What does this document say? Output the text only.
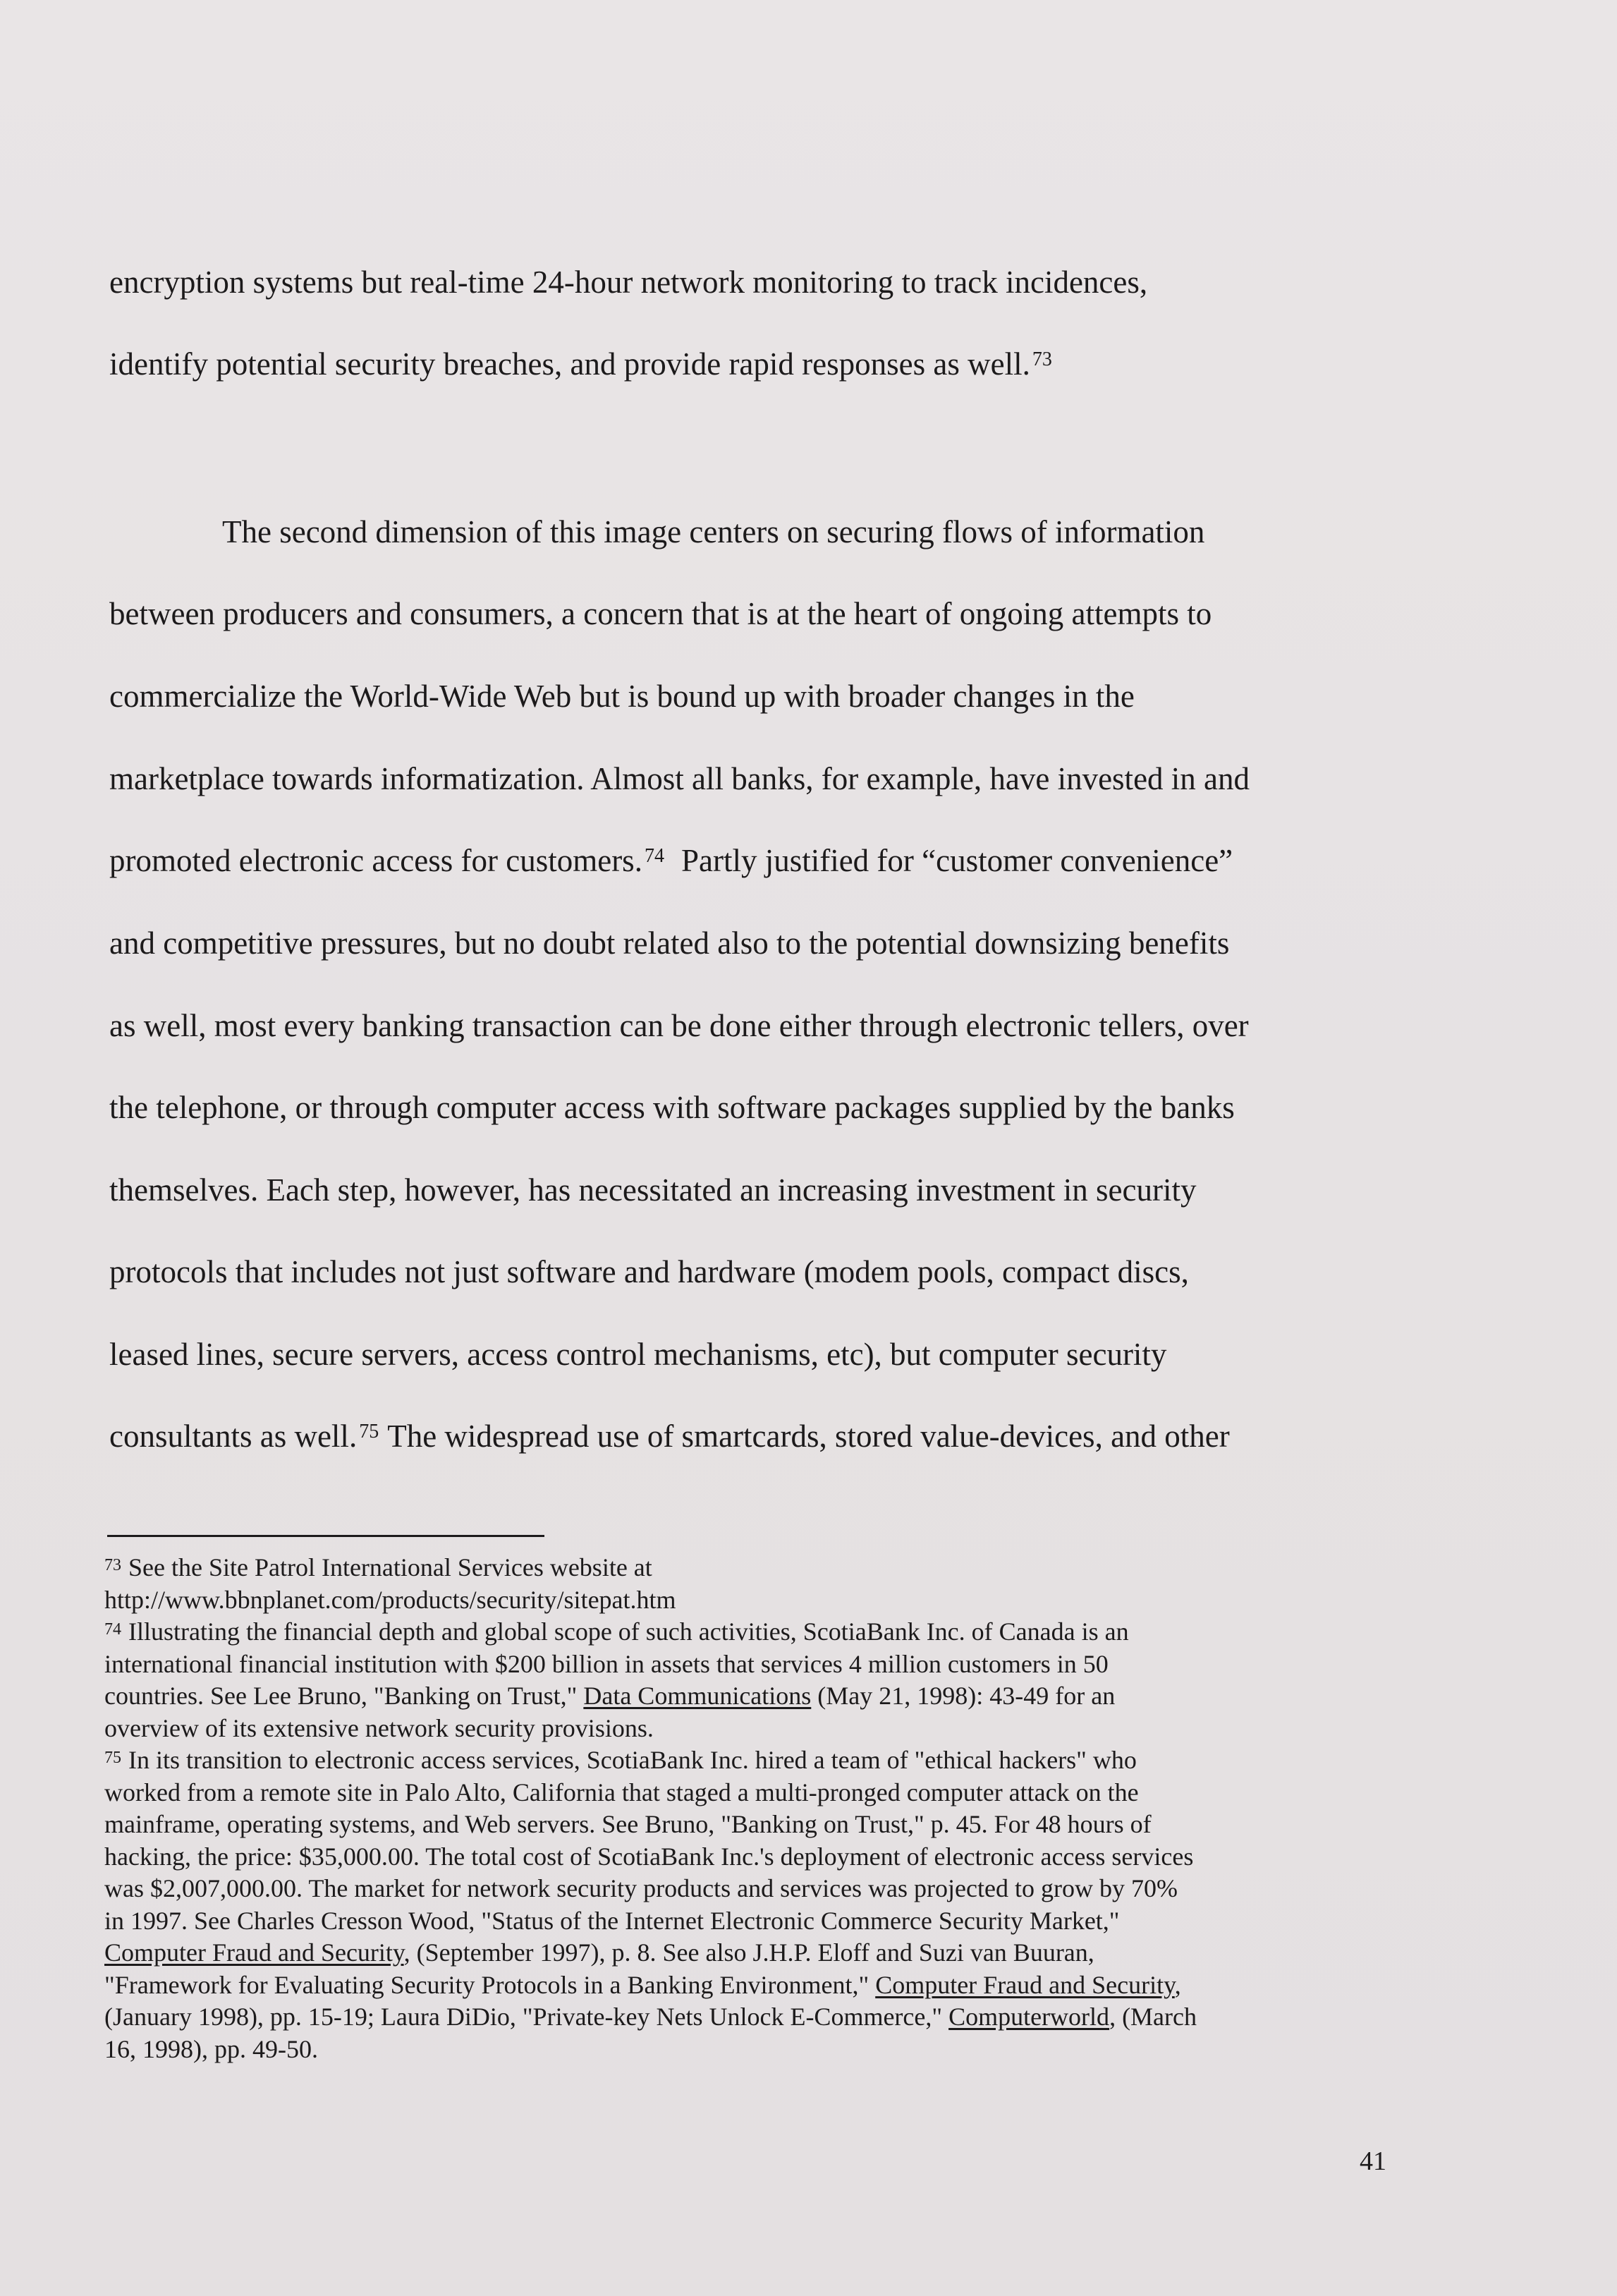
encryption systems but real-time 24-hour network monitoring to track incidences,
identify potential security breaches, and provide rapid responses as well. $^{73}$
The second dimension of this image centers on securing flows of information
between producers and consumers, a concern that is at the heart of ongoing attempts to
commercialize the World-Wide Web but is bound up with broader changes in the
marketplace towards informatization. Almost all banks, for example, have invested in and
promoted electronic access for customers. $^{74}$ Partly justified for “customer convenience”
and competitive pressures, but no doubt related also to the potential downsizing benefits
as well, most every banking transaction can be done either through electronic tellers, over
the telephone, or through computer access with software packages supplied by the banks
themselves. Each step, however, has necessitated an increasing investment in security
protocols that includes not just software and hardware (modem pools, compact discs,
leased lines, secure servers, access control mechanisms, etc), but computer security
consultants as well. $^{75}$ The widespread use of smartcards, stored value-devices, and other
$^{73}$ See the Site Patrol International Services website at
http://www.bbnplanet.com/products/security/sitepat.htm
$^{74}$ Illustrating the financial depth and global scope of such activities, ScotiaBank Inc. of Canada is an
international financial institution with $200 billion in assets that services 4 million customers in 50
countries. See Lee Bruno, "Banking on Trust," Data Communications (May 21, 1998): 43-49 for an
overview of its extensive network security provisions.
$^{75}$ In its transition to electronic access services, ScotiaBank Inc. hired a team of "ethical hackers" who
worked from a remote site in Palo Alto, California that staged a multi-pronged computer attack on the
mainframe, operating systems, and Web servers. See Bruno, "Banking on Trust," p. 45. For 48 hours of
hacking, the price: $35,000.00. The total cost of ScotiaBank Inc.'s deployment of electronic access services
was $2,007,000.00. The market for network security products and services was projected to grow by 70%
in 1997. See Charles Cresson Wood, "Status of the Internet Electronic Commerce Security Market,"
Computer Fraud and Security, (September 1997), p. 8. See also J.H.P. Eloff and Suzi van Buuran,
"Framework for Evaluating Security Protocols in a Banking Environment," Computer Fraud and Security,
(January 1998), pp. 15-19; Laura DiDio, "Private-key Nets Unlock E-Commerce," Computerworld, (March
16, 1998), pp. 49-50.
41
